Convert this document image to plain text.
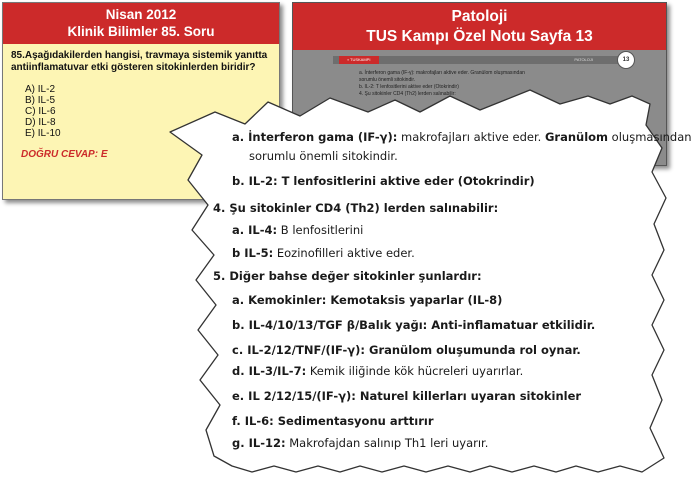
Nisan 2012
Klinik Bilimler 85. Soru
85.Aşağıdakilerden hangisi, travmaya sistemik yanıtta antiinflamatuvar etki gösteren sitokinlerden biridir?
A) IL-2
B) IL-5
C) IL-6
D) IL-8
E) IL-10
DOĞRU CEVAP: E
Patoloji
TUS Kampı Özel Notu Sayfa 13
▪ TUSKAMPI	PATOLOJI	13
a. İnterferon gama (IF-γ): makrofajları aktive eder. Granülom oluşmasından
sorumlu önemli sitokindir.
b. IL-2: T lenfositlerini aktive eder (Otokrindir)
4. Şu sitokinler CD4 (Th2) lerden salınabilir:
a. İnterferon gama (IF-γ): makrofajları aktive eder. Granülom oluşmasından
sorumlu önemli sitokindir.
b. IL-2: T lenfositlerini aktive eder (Otokrindir)
4. Şu sitokinler CD4 (Th2) lerden salınabilir:
a. IL-4: B lenfositlerini
b IL-5: Eozinofilleri aktive eder.
5. Diğer bahse değer sitokinler şunlardır:
a. Kemokinler: Kemotaksis yaparlar (IL-8)
b. IL-4/10/13/TGF β/Balık yağı: Anti-inflamatuar etkilidir.
c. IL-2/12/TNF/(IF-γ): Granülom oluşumunda rol oynar.
d. IL-3/IL-7: Kemik iliğinde kök hücreleri uyarırlar.
e. IL 2/12/15/(IF-γ): Naturel killerları uyaran sitokinler
f. IL-6: Sedimentasyonu arttırır
g. IL-12: Makrofajdan salınıp Th1 leri uyarır.
